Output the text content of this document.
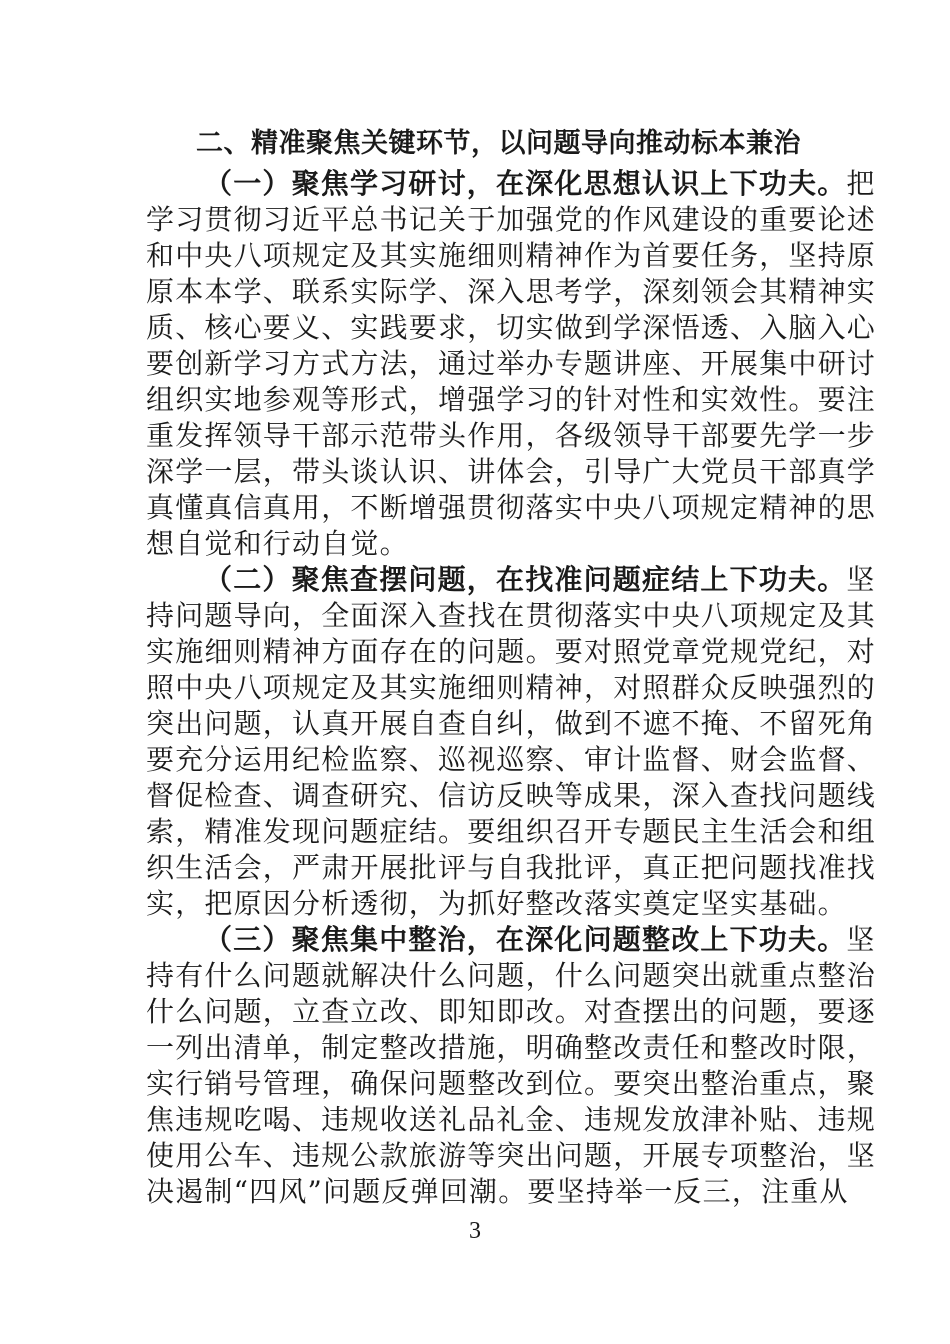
二、精准聚焦关键环节，以问题导向推动标本兼治
（一）聚焦学习研讨，在深化思想认识上下功夫。把
学习贯彻习近平总书记关于加强党的作风建设的重要论述
和中央八项规定及其实施细则精神作为首要任务，坚持原
原本本学、联系实际学、深入思考学，深刻领会其精神实
质、核心要义、实践要求，切实做到学深悟透、入脑入心
要创新学习方式方法，通过举办专题讲座、开展集中研讨
组织实地参观等形式，增强学习的针对性和实效性。要注
重发挥领导干部示范带头作用，各级领导干部要先学一步
深学一层，带头谈认识、讲体会，引导广大党员干部真学
真懂真信真用，不断增强贯彻落实中央八项规定精神的思
想自觉和行动自觉。
（二）聚焦查摆问题，在找准问题症结上下功夫。坚
持问题导向，全面深入查找在贯彻落实中央八项规定及其
实施细则精神方面存在的问题。要对照党章党规党纪，对
照中央八项规定及其实施细则精神，对照群众反映强烈的
突出问题，认真开展自查自纠，做到不遮不掩、不留死角
要充分运用纪检监察、巡视巡察、审计监督、财会监督、
督促检查、调查研究、信访反映等成果，深入查找问题线
索，精准发现问题症结。要组织召开专题民主生活会和组
织生活会，严肃开展批评与自我批评，真正把问题找准找
实，把原因分析透彻，为抓好整改落实奠定坚实基础。
（三）聚焦集中整治，在深化问题整改上下功夫。坚
持有什么问题就解决什么问题，什么问题突出就重点整治
什么问题，立查立改、即知即改。对查摆出的问题，要逐
一列出清单，制定整改措施，明确整改责任和整改时限，
实行销号管理，确保问题整改到位。要突出整治重点，聚
焦违规吃喝、违规收送礼品礼金、违规发放津补贴、违规
使用公车、违规公款旅游等突出问题，开展专项整治，坚
决遏制“四风”问题反弹回潮。要坚持举一反三，注重从
3
